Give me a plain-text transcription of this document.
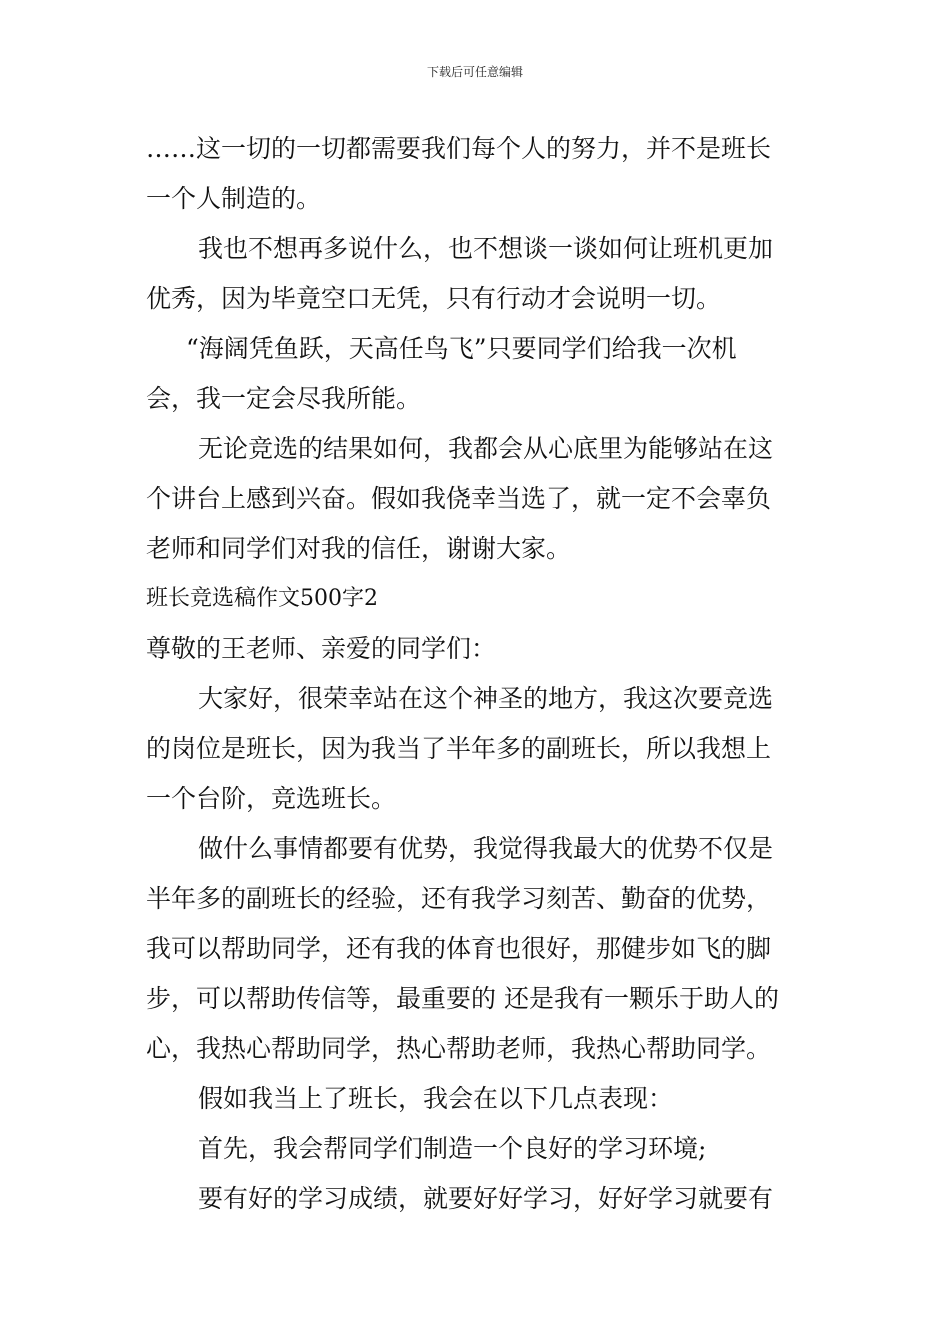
下载后可任意编辑

……这一切的一切都需要我们每个人的努力，并不是班长

一个人制造的。

我也不想再多说什么，也不想谈一谈如何让班机更加

优秀，因为毕竟空口无凭，只有行动才会说明一切。

“海阔凭鱼跃，天高任鸟飞”只要同学们给我一次机

会，我一定会尽我所能。

无论竞选的结果如何，我都会从心底里为能够站在这

个讲台上感到兴奋。假如我侥幸当选了，就一定不会辜负

老师和同学们对我的信任，谢谢大家。

班长竞选稿作文500字2

尊敬的王老师、亲爱的同学们：

大家好，很荣幸站在这个神圣的地方，我这次要竞选

的岗位是班长，因为我当了半年多的副班长，所以我想上

一个台阶，竞选班长。

做什么事情都要有优势，我觉得我最大的优势不仅是

半年多的副班长的经验，还有我学习刻苦、勤奋的优势，

我可以帮助同学，还有我的体育也很好，那健步如飞的脚

步，可以帮助传信等，最重要的 还是我有一颗乐于助人的

心，我热心帮助同学，热心帮助老师，我热心帮助同学。

假如我当上了班长，我会在以下几点表现：

首先，我会帮同学们制造一个良好的学习环境;

要有好的学习成绩，就要好好学习，好好学习就要有
